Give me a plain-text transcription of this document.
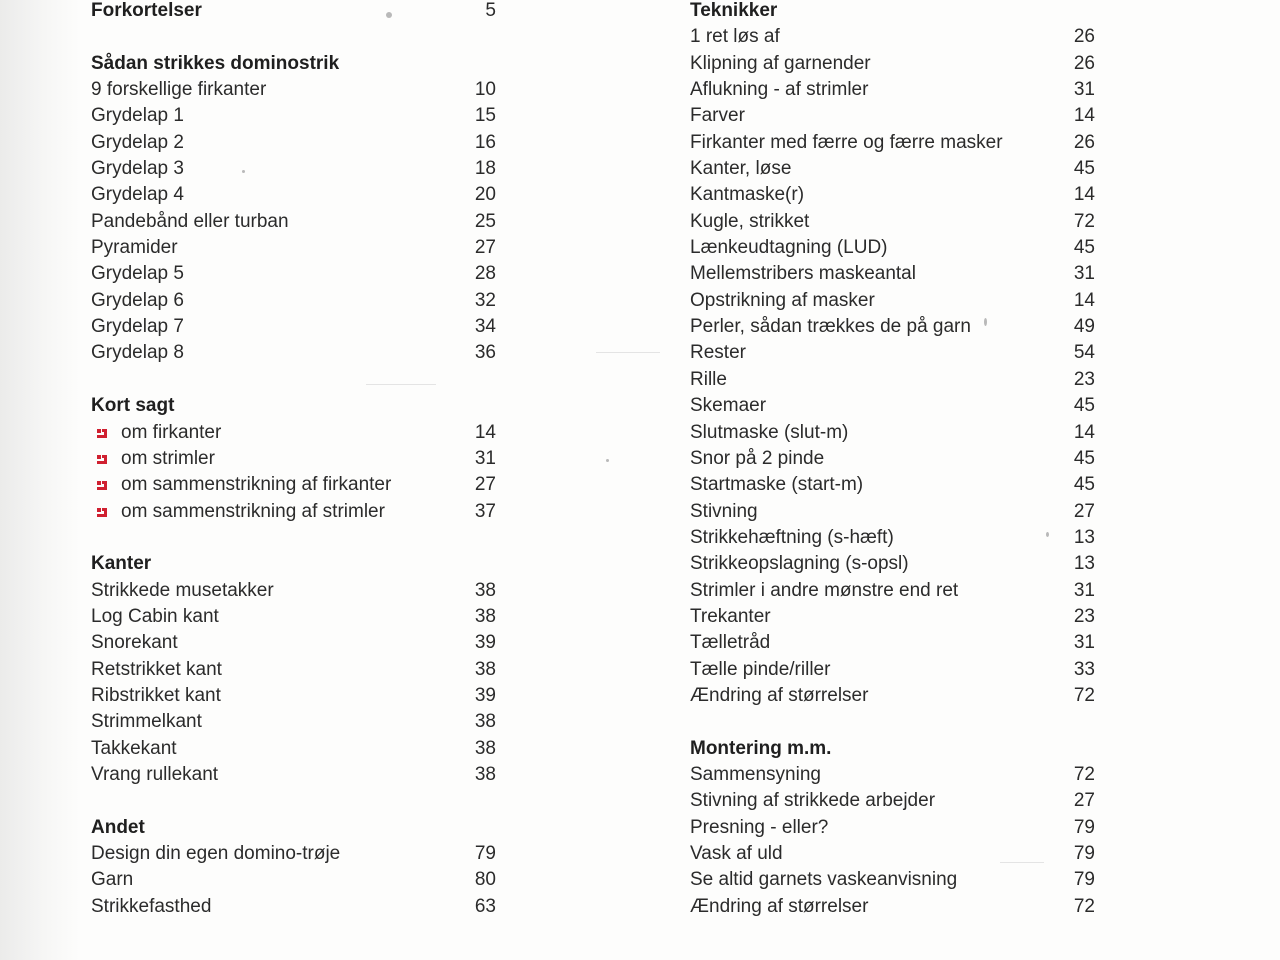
Forkortelser	5
Sådan strikkes dominostrik
9 forskellige firkanter	10
Grydelap 1	15
Grydelap 2	16
Grydelap 3	18
Grydelap 4	20
Pandebånd eller turban	25
Pyramider	27
Grydelap 5	28
Grydelap 6	32
Grydelap 7	34
Grydelap 8	36
Kort sagt
om firkanter	14
om strimler	31
om sammenstrikning af firkanter	27
om sammenstrikning af strimler	37
Kanter
Strikkede musetakker	38
Log Cabin kant	38
Snorekant	39
Retstrikket kant	38
Ribstrikket kant	39
Strimmelkant	38
Takkekant	38
Vrang rullekant	38
Andet
Design din egen domino-trøje	79
Garn	80
Strikkefasthed	63
Teknikker
1 ret løs af	26
Klipning af garnender	26
Aflukning - af strimler	31
Farver	14
Firkanter med færre og færre masker	26
Kanter, løse	45
Kantmaske(r)	14
Kugle, strikket	72
Lænkeudtagning (LUD)	45
Mellemstribers maskeantal	31
Opstrikning af masker	14
Perler, sådan trækkes de på garn	49
Rester	54
Rille	23
Skemaer	45
Slutmaske (slut-m)	14
Snor på 2 pinde	45
Startmaske (start-m)	45
Stivning	27
Strikkehæftning (s-hæft)	13
Strikkeopslagning (s-opsl)	13
Strimler i andre mønstre end ret	31
Trekanter	23
Tælletråd	31
Tælle pinde/riller	33
Ændring af størrelser	72
Montering m.m.
Sammensyning	72
Stivning af strikkede arbejder	27
Presning - eller?	79
Vask af uld	79
Se altid garnets vaskeanvisning	79
Ændring af størrelser	72
